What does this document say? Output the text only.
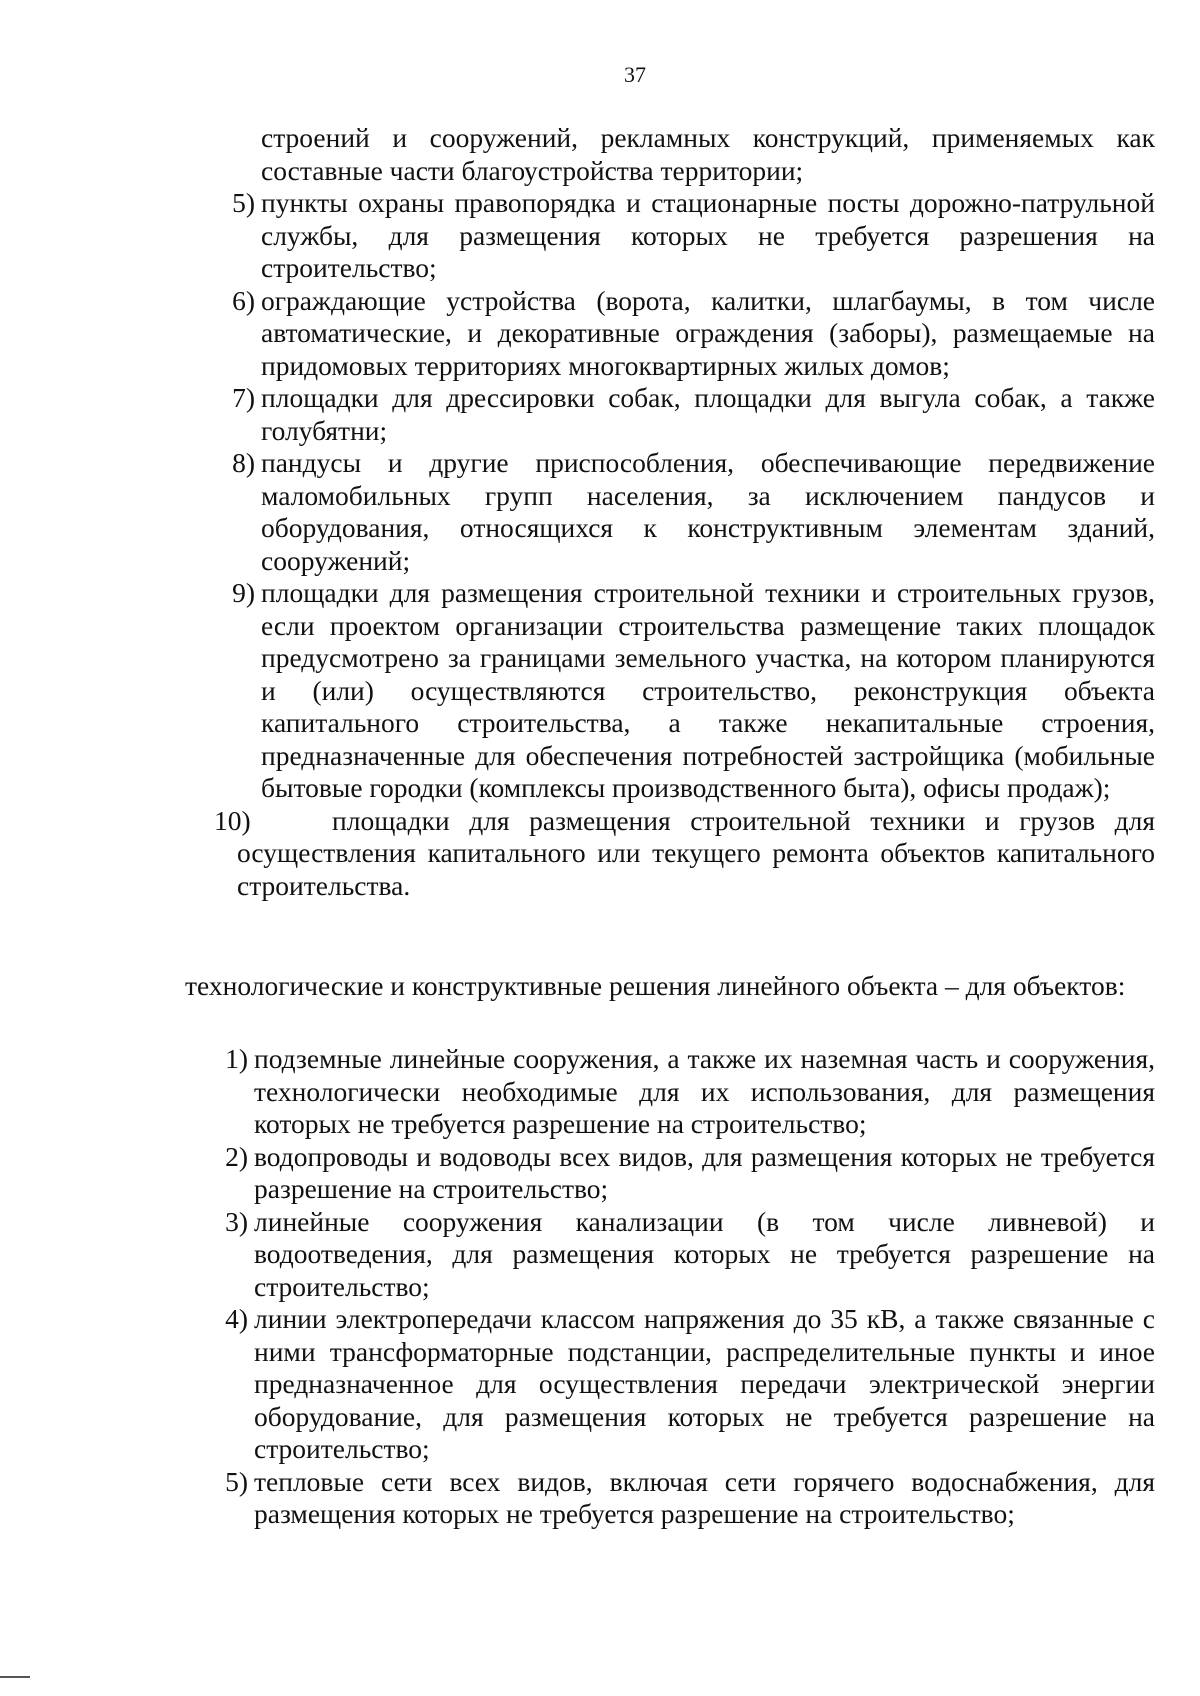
37
строений и сооружений, рекламных конструкций, применяемых как составные части благоустройства территории;
5) пункты охраны правопорядка и стационарные посты дорожно-патрульной службы, для размещения которых не требуется разрешения на строительство;
6) ограждающие устройства (ворота, калитки, шлагбаумы, в том числе автоматические, и декоративные ограждения (заборы), размещаемые на придомовых территориях многоквартирных жилых домов;
7) площадки для дрессировки собак, площадки для выгула собак, а также голубятни;
8) пандусы и другие приспособления, обеспечивающие передвижение маломобильных групп населения, за исключением пандусов и оборудования, относящихся к конструктивным элементам зданий, сооружений;
9) площадки для размещения строительной техники и строительных грузов, если проектом организации строительства размещение таких площадок предусмотрено за границами земельного участка, на котором планируются и (или) осуществляются строительство, реконструкция объекта капитального строительства, а также некапитальные строения, предназначенные для обеспечения потребностей застройщика (мобильные бытовые городки (комплексы производственного быта), офисы продаж);
10)	площадки для размещения строительной техники и грузов для осуществления капитального или текущего ремонта объектов капитального строительства.
технологические и конструктивные решения линейного объекта – для объектов:
1) подземные линейные сооружения, а также их наземная часть и сооружения, технологически необходимые для их использования, для размещения которых не требуется разрешение на строительство;
2) водопроводы и водоводы всех видов, для размещения которых не требуется разрешение на строительство;
3) линейные сооружения канализации (в том числе ливневой) и водоотведения, для размещения которых не требуется разрешение на строительство;
4) линии электропередачи классом напряжения до 35 кВ, а также связанные с ними трансформаторные подстанции, распределительные пункты и иное предназначенное для осуществления передачи электрической энергии оборудование, для размещения которых не требуется разрешение на строительство;
5) тепловые сети всех видов, включая сети горячего водоснабжения, для размещения которых не требуется разрешение на строительство;
